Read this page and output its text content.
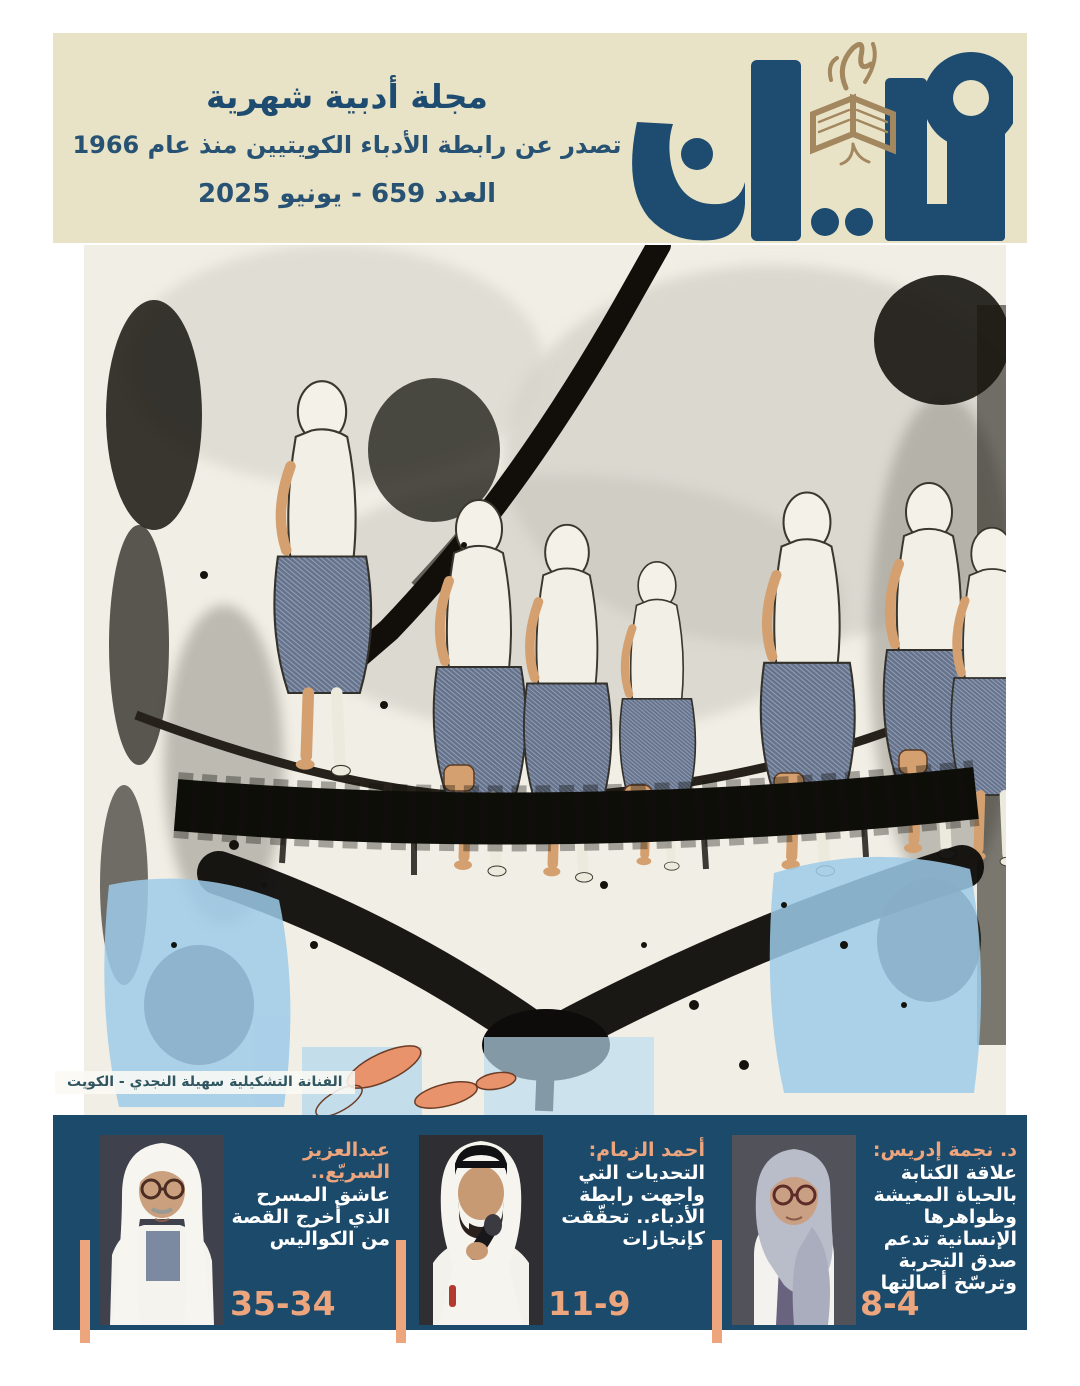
مجلة أدبية شهرية
تصدر عن رابطة الأدباء الكويتيين منذ عام 1966
العدد 659 - يونيو 2025
الفنانة التشكيلية سهيلة النجدي - الكويت
د. نجمة إدريس:
علاقة الكتابة بالحياة المعيشة وظواهرها الإنسانية تدعم صدق التجربة وترسّخ أصالتها
8-4
أحمد الزمام:
التحديات التي واجهت رابطة الأدباء.. تحقّقت كإنجازات
11-9
عبدالعزيز السريّع..
عاشق المسرح الذي أخرج القصة من الكواليس
35-34
